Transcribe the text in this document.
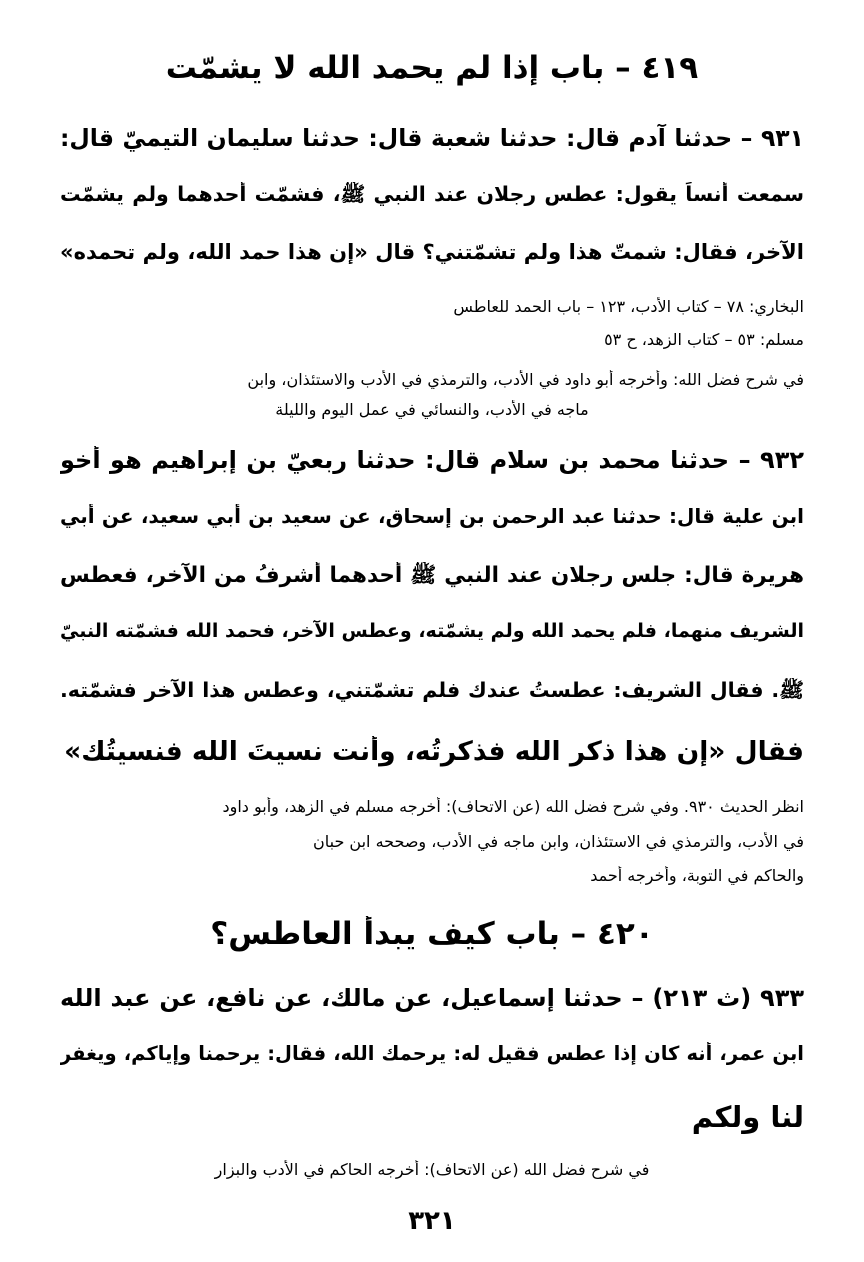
٤١٩ – باب إذا لم يحمد الله لا يشمّت
٩٣١ – حدثنا آدم قال: حدثنا شعبة قال: حدثنا سليمان التيميّ قال:
سمعت أنساً يقول: عطس رجلان عند النبي ﷺ، فشمّت أحدهما ولم يشمّت
الآخر، فقال: شمتّ هذا ولم تشمّتني؟ قال «إن هذا حمد الله، ولم تحمده»
البخاري: ٧٨ – كتاب الأدب، ١٢٣ – باب الحمد للعاطس
مسلم: ٥٣ – كتاب الزهد، ح ٥٣
في شرح فضل الله: وأخرجه أبو داود في الأدب، والترمذي في الأدب والاستئذان، وابن
ماجه في الأدب، والنسائي في عمل اليوم والليلة
٩٣٢ – حدثنا محمد بن سلام قال: حدثنا ربعيّ بن إبراهيم هو أخو
ابن علية قال: حدثنا عبد الرحمن بن إسحاق، عن سعيد بن أبي سعيد، عن أبي
هريرة قال: جلس رجلان عند النبي ﷺ أحدهما أشرفُ من الآخر، فعطس
الشريف منهما، فلم يحمد الله ولم يشمّته، وعطس الآخر، فحمد الله فشمّته النبيّ
ﷺ. فقال الشريف: عطستُ عندك فلم تشمّتني، وعطس هذا الآخر فشمّته.
فقال «إن هذا ذكر الله فذكرتُه، وأنت نسيتَ الله فنسيتُك»
انظر الحديث ٩٣٠. وفي شرح فضل الله (عن الاتحاف): أخرجه مسلم في الزهد، وأبو داود
في الأدب، والترمذي في الاستئذان، وابن ماجه في الأدب، وصححه ابن حبان
والحاكم في التوبة، وأخرجه أحمد
٤٢٠ – باب كيف يبدأ العاطس؟
٩٣٣ (ث ٢١٣) – حدثنا إسماعيل، عن مالك، عن نافع، عن عبد الله
ابن عمر، أنه كان إذا عطس فقيل له: يرحمك الله، فقال: يرحمنا وإياكم، ويغفر
لنا ولكم
في شرح فضل الله (عن الاتحاف): أخرجه الحاكم في الأدب والبزار
٣٢١
